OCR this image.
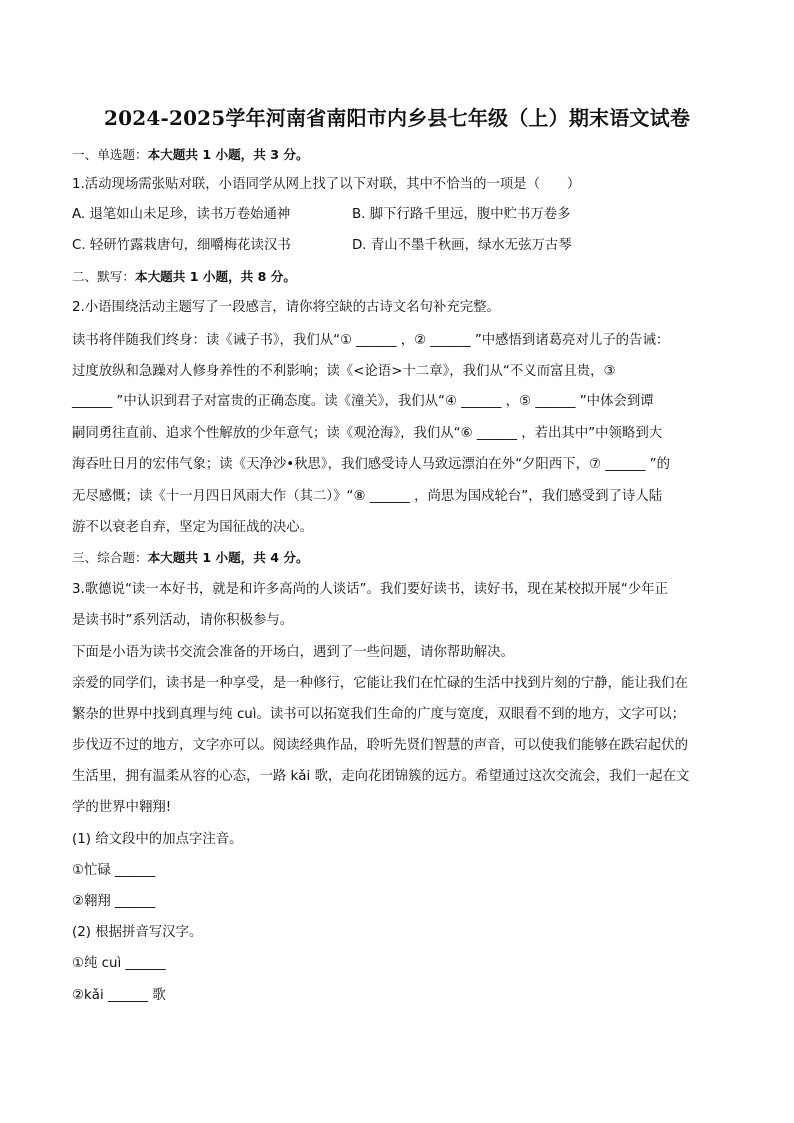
2024-2025学年河南省南阳市内乡县七年级（上）期末语文试卷
一、单选题：本大题共 1 小题，共 3 分。
1.活动现场需张贴对联，小语同学从网上找了以下对联，其中不恰当的一项是（　　）
A. 退笔如山未足珍，读书万卷始通神	B. 脚下行路千里远，腹中贮书万卷多
C. 轻研竹露栽唐句，细嚼梅花读汉书	D. 青山不墨千秋画，绿水无弦万古琴
二、默写：本大题共 1 小题，共 8 分。
2.小语围绕活动主题写了一段感言，请你将空缺的古诗文名句补充完整。
读书将伴随我们终身：读《诫子书》，我们从“① ______ ，② ______ ”中感悟到诸葛亮对儿子的告诫：
过度放纵和急躁对人修身养性的不利影响；读《<论语>十二章》，我们从“不义而富且贵，③
______ ”中认识到君子对富贵的正确态度。读《潼关》，我们从“④ ______ ，⑤ ______ ”中体会到谭
嗣同勇往直前、追求个性解放的少年意气；读《观沧海》，我们从“⑥ ______ ，若出其中”中领略到大
海吞吐日月的宏伟气象；读《天净沙•秋思》，我们感受诗人马致远漂泊在外“夕阳西下，⑦ ______ ”的
无尽感慨；读《十一月四日风雨大作（其二）》“⑧ ______ ，尚思为国戍轮台”，我们感受到了诗人陆
游不以衰老自弃，坚定为国征战的决心。
三、综合题：本大题共 1 小题，共 4 分。
3.歌德说“读一本好书，就是和许多高尚的人谈话”。我们要好读书，读好书，现在某校拟开展“少年正
是读书时”系列活动，请你积极参与。
下面是小语为读书交流会准备的开场白，遇到了一些问题，请你帮助解决。
亲爱的同学们，读书是一种享受，是一种修行，它能让我们在忙碌的生活中找到片刻的宁静，能让我们在
繁杂的世界中找到真理与纯 cuì。读书可以拓宽我们生命的广度与宽度，双眼看不到的地方，文字可以；
步伐迈不过的地方，文字亦可以。阅读经典作品，聆听先贤们智慧的声音，可以使我们能够在跌宕起伏的
生活里，拥有温柔从容的心态，一路 kǎi 歌，走向花团锦簇的远方。希望通过这次交流会，我们一起在文
学的世界中翱翔!
(1) 给文段中的加点字注音。
①忙碌 ______
②翱翔 ______
(2) 根据拼音写汉字。
①纯 cuì ______
②kǎi ______ 歌
